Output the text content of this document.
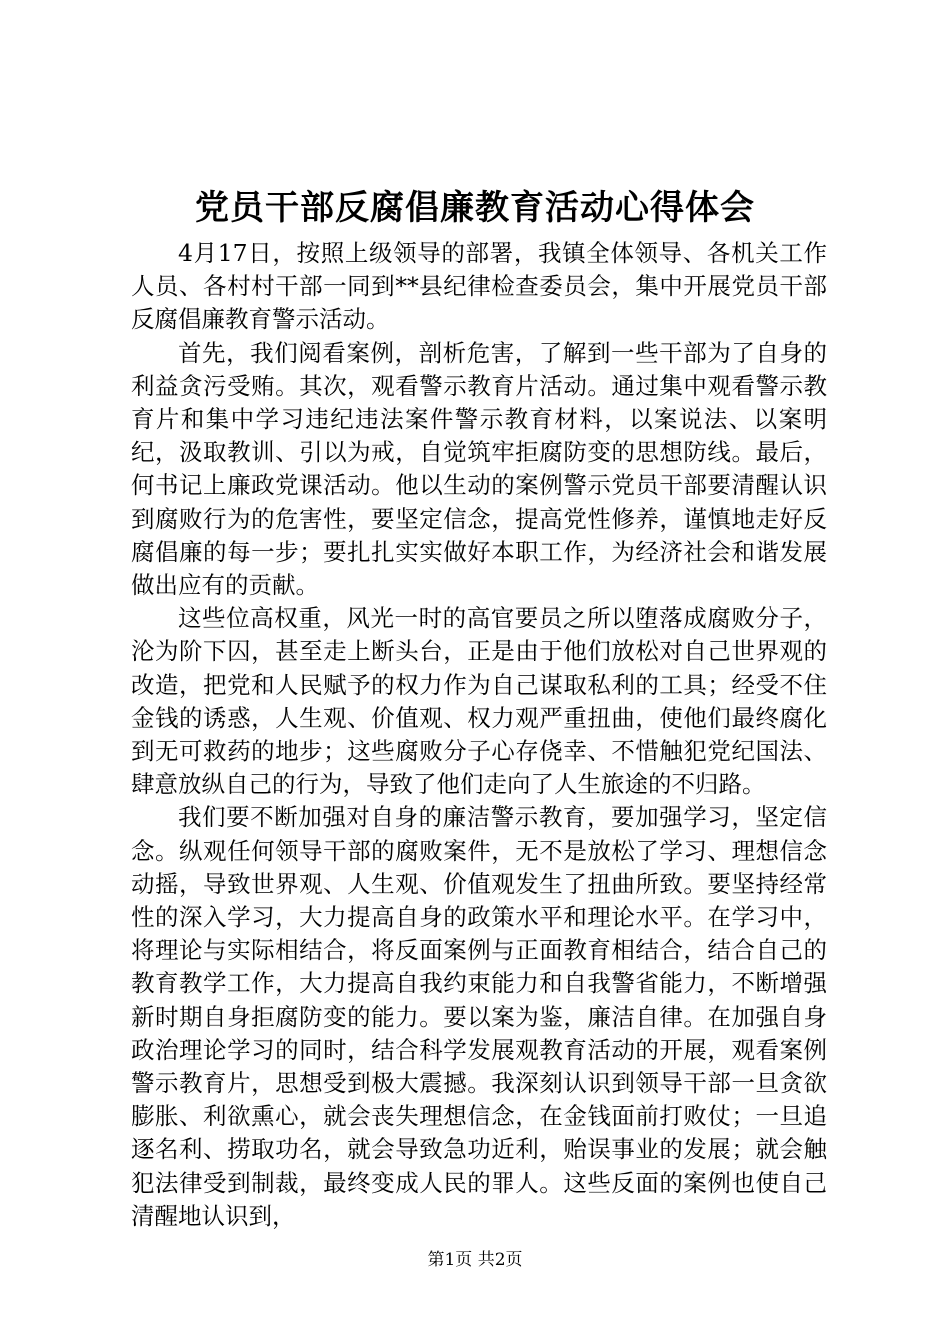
党员干部反腐倡廉教育活动心得体会

4月17日，按照上级领导的部署，我镇全体领导、各机关工作人员、各村村干部一同到**县纪律检查委员会，集中开展党员干部反腐倡廉教育警示活动。

首先，我们阅看案例，剖析危害，了解到一些干部为了自身的利益贪污受贿。其次，观看警示教育片活动。通过集中观看警示教育片和集中学习违纪违法案件警示教育材料，以案说法、以案明纪，汲取教训、引以为戒，自觉筑牢拒腐防变的思想防线。最后，何书记上廉政党课活动。他以生动的案例警示党员干部要清醒认识到腐败行为的危害性，要坚定信念，提高党性修养，谨慎地走好反腐倡廉的每一步；要扎扎实实做好本职工作，为经济社会和谐发展做出应有的贡献。

这些位高权重，风光一时的高官要员之所以堕落成腐败分子，沦为阶下囚，甚至走上断头台，正是由于他们放松对自己世界观的改造，把党和人民赋予的权力作为自己谋取私利的工具；经受不住金钱的诱惑，人生观、价值观、权力观严重扭曲，使他们最终腐化到无可救药的地步；这些腐败分子心存侥幸、不惜触犯党纪国法、肆意放纵自己的行为，导致了他们走向了人生旅途的不归路。

我们要不断加强对自身的廉洁警示教育，要加强学习，坚定信念。纵观任何领导干部的腐败案件，无不是放松了学习、理想信念动摇，导致世界观、人生观、价值观发生了扭曲所致。要坚持经常性的深入学习，大力提高自身的政策水平和理论水平。在学习中，将理论与实际相结合，将反面案例与正面教育相结合，结合自己的教育教学工作，大力提高自我约束能力和自我警省能力，不断增强新时期自身拒腐防变的能力。要以案为鉴，廉洁自律。在加强自身政治理论学习的同时，结合科学发展观教育活动的开展，观看案例警示教育片，思想受到极大震撼。我深刻认识到领导干部一旦贪欲膨胀、利欲熏心，就会丧失理想信念，在金钱面前打败仗；一旦追逐名利、捞取功名，就会导致急功近利，贻误事业的发展；就会触犯法律受到制裁，最终变成人民的罪人。这些反面的案例也使自己清醒地认识到，

第1页 共2页
